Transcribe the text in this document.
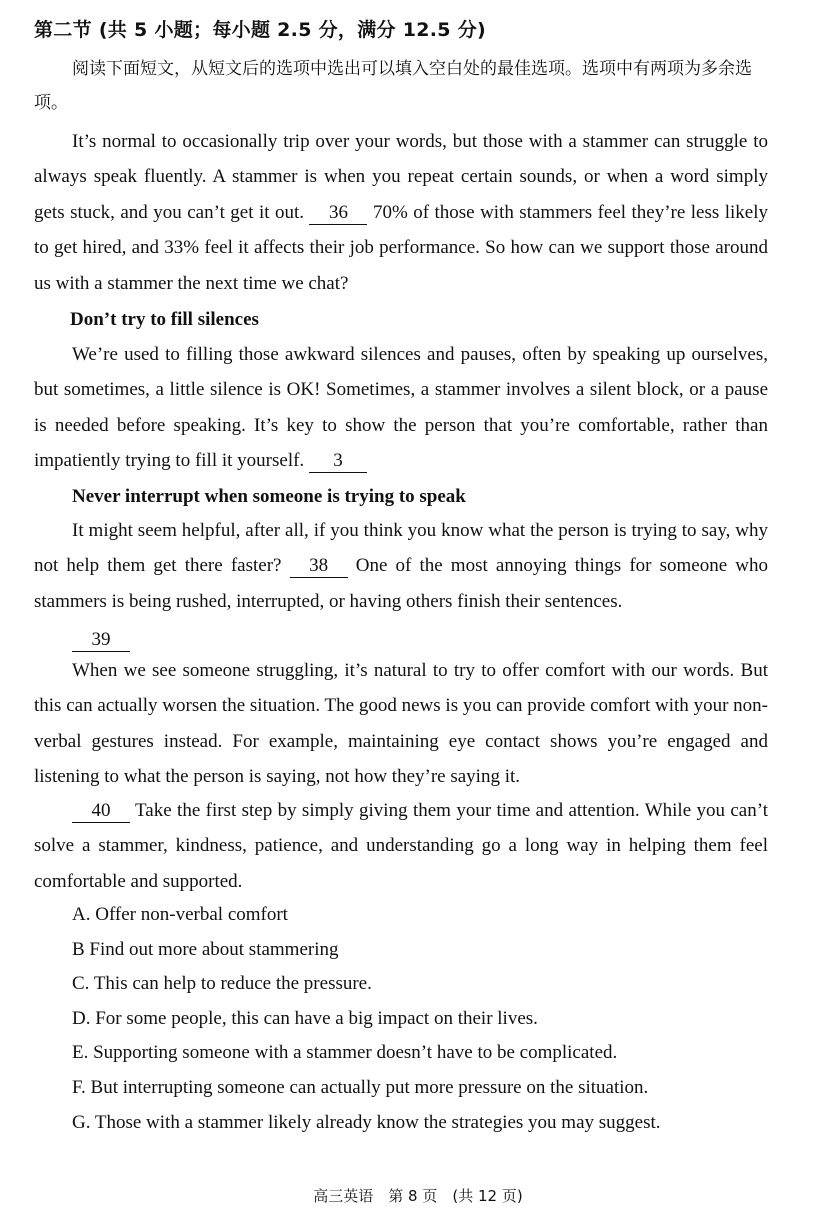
第二节 (共 5 小题；每小题 2.5 分，满分 12.5 分)
阅读下面短文，从短文后的选项中选出可以填入空白处的最佳选项。选项中有两项为多余选项。
It’s normal to occasionally trip over your words, but those with a stammer can struggle to always speak fluently. A stammer is when you repeat certain sounds, or when a word simply gets stuck, and you can’t get it out. 36 70% of those with stammers feel they’re less likely to get hired, and 33% feel it affects their job performance. So how can we support those around us with a stammer the next time we chat?
Don’t try to fill silences
We’re used to filling those awkward silences and pauses, often by speaking up ourselves, but sometimes, a little silence is OK! Sometimes, a stammer involves a silent block, or a pause is needed before speaking. It’s key to show the person that you’re comfortable, rather than impatiently trying to fill it yourself. 3
Never interrupt when someone is trying to speak
It might seem helpful, after all, if you think you know what the person is trying to say, why not help them get there faster? 38 One of the most annoying things for someone who stammers is being rushed, interrupted, or having others finish their sentences.
39
When we see someone struggling, it’s natural to try to offer comfort with our words. But this can actually worsen the situation. The good news is you can provide comfort with your non-verbal gestures instead. For example, maintaining eye contact shows you’re engaged and listening to what the person is saying, not how they’re saying it.
40 Take the first step by simply giving them your time and attention. While you can’t solve a stammer, kindness, patience, and understanding go a long way in helping them feel comfortable and supported.
A. Offer non-verbal comfort
B Find out more about stammering
C. This can help to reduce the pressure.
D. For some people, this can have a big impact on their lives.
E. Supporting someone with a stammer doesn’t have to be complicated.
F. But interrupting someone can actually put more pressure on the situation.
G. Those with a stammer likely already know the strategies you may suggest.
高三英语　第 8 页　(共 12 页)
